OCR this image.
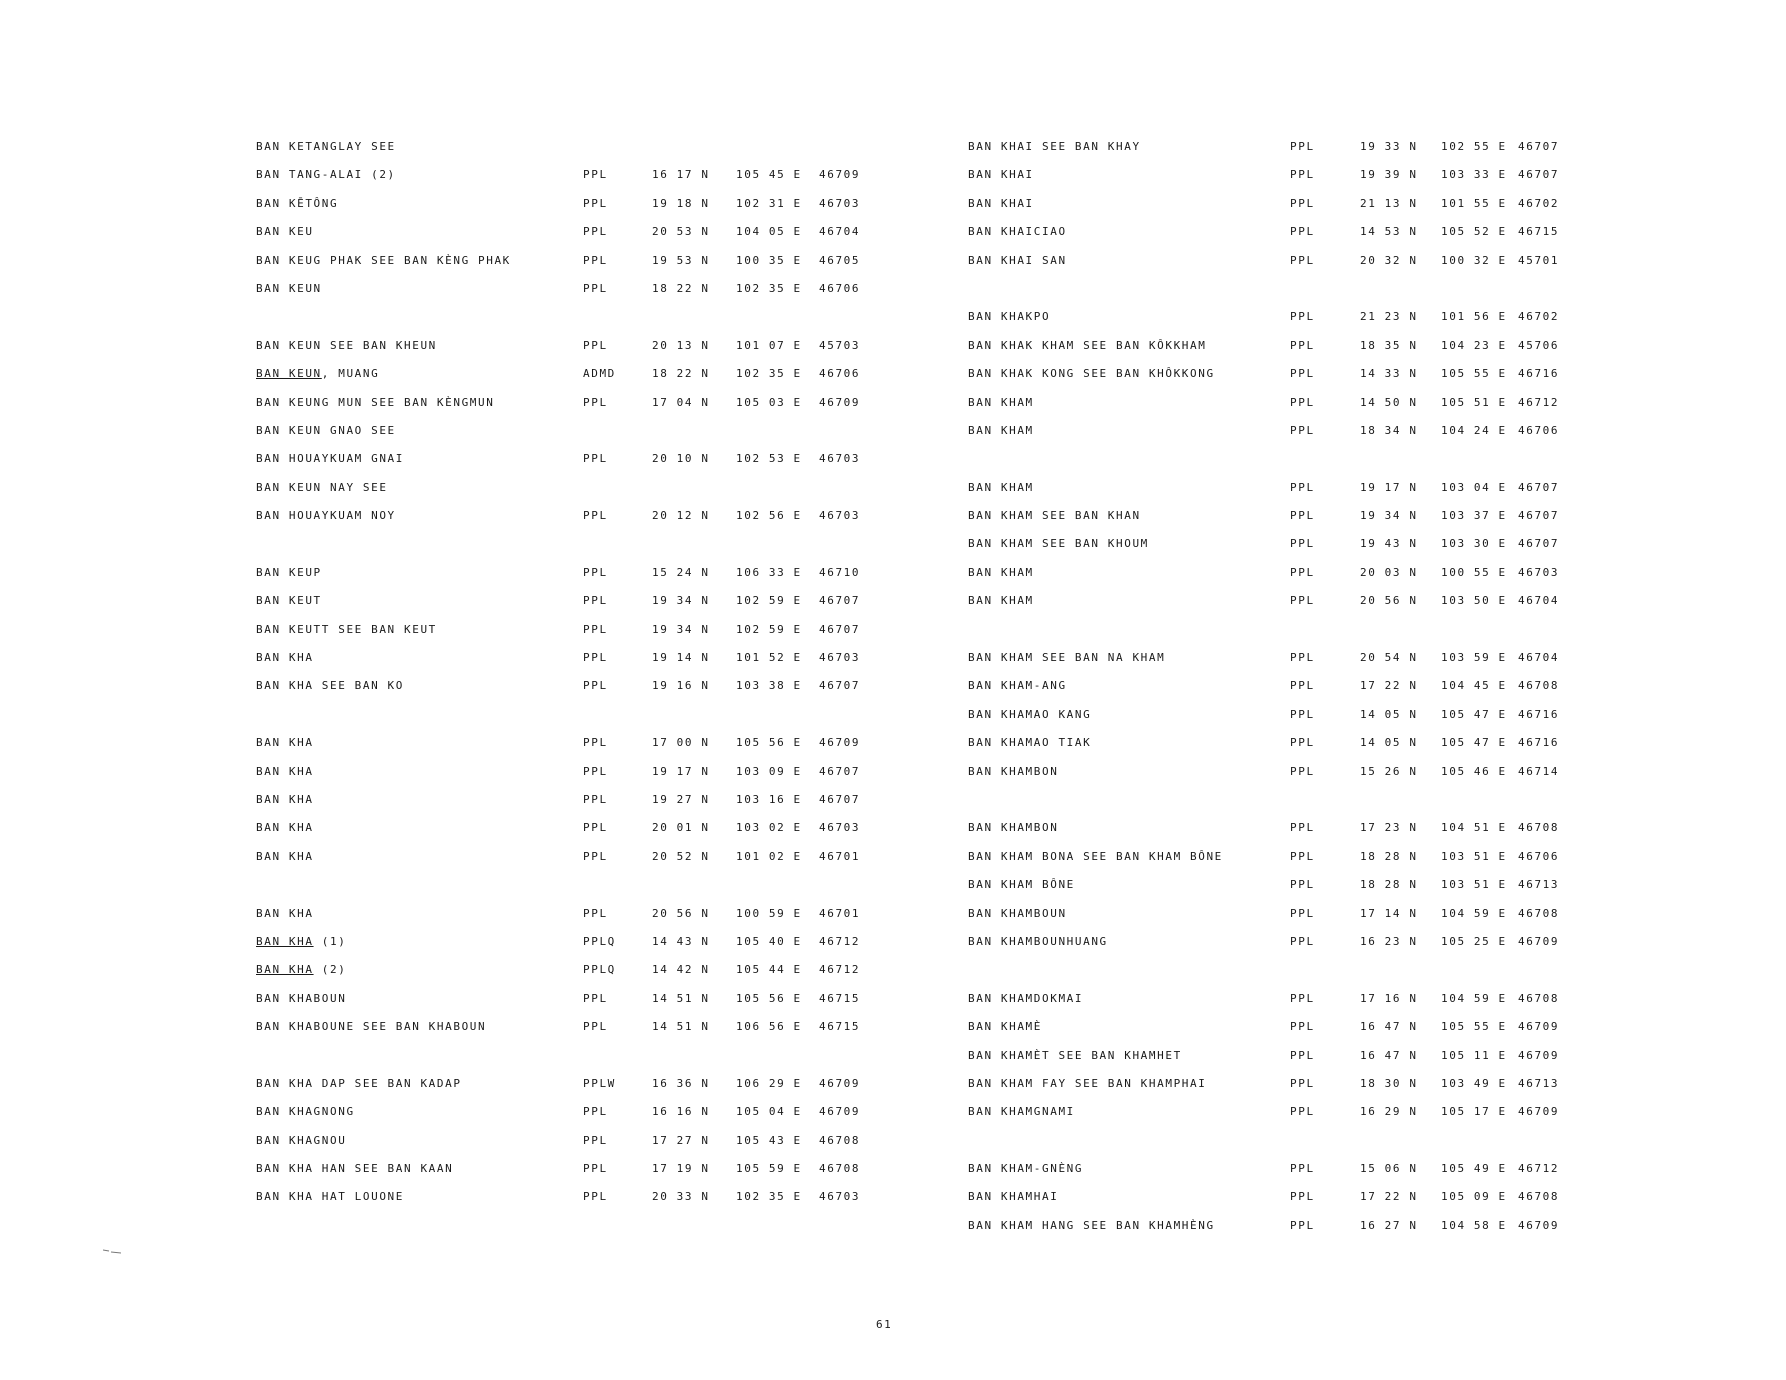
BAN KETANGLAY SEE
BAN TANG-ALAI (2)	PPL	16 17 N 105 45 E 46709
BAN KĒTÔNG	PPL	19 18 N 102 31 E 46703
BAN KEU	PPL	20 53 N 104 05 E 46704
BAN KEUG PHAK SEE BAN KÈNG PHAK	PPL	19 53 N 100 35 E 46705
BAN KEUN	PPL	18 22 N 102 35 E 46706
BAN KEUN SEE BAN KHEUN	PPL	20 13 N 101 07 E 45703
BAN KEUN, MUANG	ADMD	18 22 N 102 35 E 46706
BAN KEUNG MUN SEE BAN KÈNGMUN	PPL	17 04 N 105 03 E 46709
BAN KEUN GNAO SEE
BAN HOUAYKUAM GNAI	PPL	20 10 N 102 53 E 46703
BAN KEUN NAY SEE
BAN HOUAYKUAM NOY	PPL	20 12 N 102 56 E 46703
BAN KEUP	PPL	15 24 N 106 33 E 46710
BAN KEUT	PPL	19 34 N 102 59 E 46707
BAN KEUTT SEE BAN KEUT	PPL	19 34 N 102 59 E 46707
BAN KHA	PPL	19 14 N 101 52 E 46703
BAN KHA SEE BAN KO	PPL	19 16 N 103 38 E 46707
BAN KHA	PPL	17 00 N 105 56 E 46709
BAN KHA	PPL	19 17 N 103 09 E 46707
BAN KHA	PPL	19 27 N 103 16 E 46707
BAN KHA	PPL	20 01 N 103 02 E 46703
BAN KHA	PPL	20 52 N 101 02 E 46701
BAN KHA	PPL	20 56 N 100 59 E 46701
BAN KHA (1)	PPLQ	14 43 N 105 40 E 46712
BAN KHA (2)	PPLQ	14 42 N 105 44 E 46712
BAN KHABOUN	PPL	14 51 N 105 56 E 46715
BAN KHABOUNE SEE BAN KHABOUN	PPL	14 51 N 106 56 E 46715
BAN KHA DAP SEE BAN KADAP	PPLW	16 36 N 106 29 E 46709
BAN KHAGNONG	PPL	16 16 N 105 04 E 46709
BAN KHAGNOU	PPL	17 27 N 105 43 E 46708
BAN KHA HAN SEE BAN KAAN	PPL	17 19 N 105 59 E 46708
BAN KHA HAT LOUONE	PPL	20 33 N 102 35 E 46703
BAN KHAI SEE BAN KHAY	PPL	19 33 N 102 55 E 46707
BAN KHAI	PPL	19 39 N 103 33 E 46707
BAN KHAI	PPL	21 13 N 101 55 E 46702
BAN KHAICIAO	PPL	14 53 N 105 52 E 46715
BAN KHAI SAN	PPL	20 32 N 100 32 E 45701
BAN KHAKPO	PPL	21 23 N 101 56 E 46702
BAN KHAK KHAM SEE BAN KÔKKHAM	PPL	18 35 N 104 23 E 45706
BAN KHAK KONG SEE BAN KHÔKKONG	PPL	14 33 N 105 55 E 46716
BAN KHAM	PPL	14 50 N 105 51 E 46712
BAN KHAM	PPL	18 34 N 104 24 E 46706
BAN KHAM	PPL	19 17 N 103 04 E 46707
BAN KHAM SEE BAN KHAN	PPL	19 34 N 103 37 E 46707
BAN KHAM SEE BAN KHOUM	PPL	19 43 N 103 30 E 46707
BAN KHAM	PPL	20 03 N 100 55 E 46703
BAN KHAM	PPL	20 56 N 103 50 E 46704
BAN KHAM SEE BAN NA KHAM	PPL	20 54 N 103 59 E 46704
BAN KHAM-ANG	PPL	17 22 N 104 45 E 46708
BAN KHAMAO KANG	PPL	14 05 N 105 47 E 46716
BAN KHAMAO TIAK	PPL	14 05 N 105 47 E 46716
BAN KHAMBON	PPL	15 26 N 105 46 E 46714
BAN KHAMBON	PPL	17 23 N 104 51 E 46708
BAN KHAM BONA SEE BAN KHAM BÔNE	PPL	18 28 N 103 51 E 46706
BAN KHAM BÔNE	PPL	18 28 N 103 51 E 46713
BAN KHAMBOUN	PPL	17 14 N 104 59 E 46708
BAN KHAMBOUNHUANG	PPL	16 23 N 105 25 E 46709
BAN KHAMDOKMAI	PPL	17 16 N 104 59 E 46708
BAN KHAMÈ	PPL	16 47 N 105 55 E 46709
BAN KHAMÈT SEE BAN KHAMHET	PPL	16 47 N 105 11 E 46709
BAN KHAM FAY SEE BAN KHAMPHAI	PPL	18 30 N 103 49 E 46713
BAN KHAMGNAMI	PPL	16 29 N 105 17 E 46709
BAN KHAM-GNÈNG	PPL	15 06 N 105 49 E 46712
BAN KHAMHAI	PPL	17 22 N 105 09 E 46708
BAN KHAM HANG SEE BAN KHAMHÈNG	PPL	16 27 N 104 58 E 46709
61
